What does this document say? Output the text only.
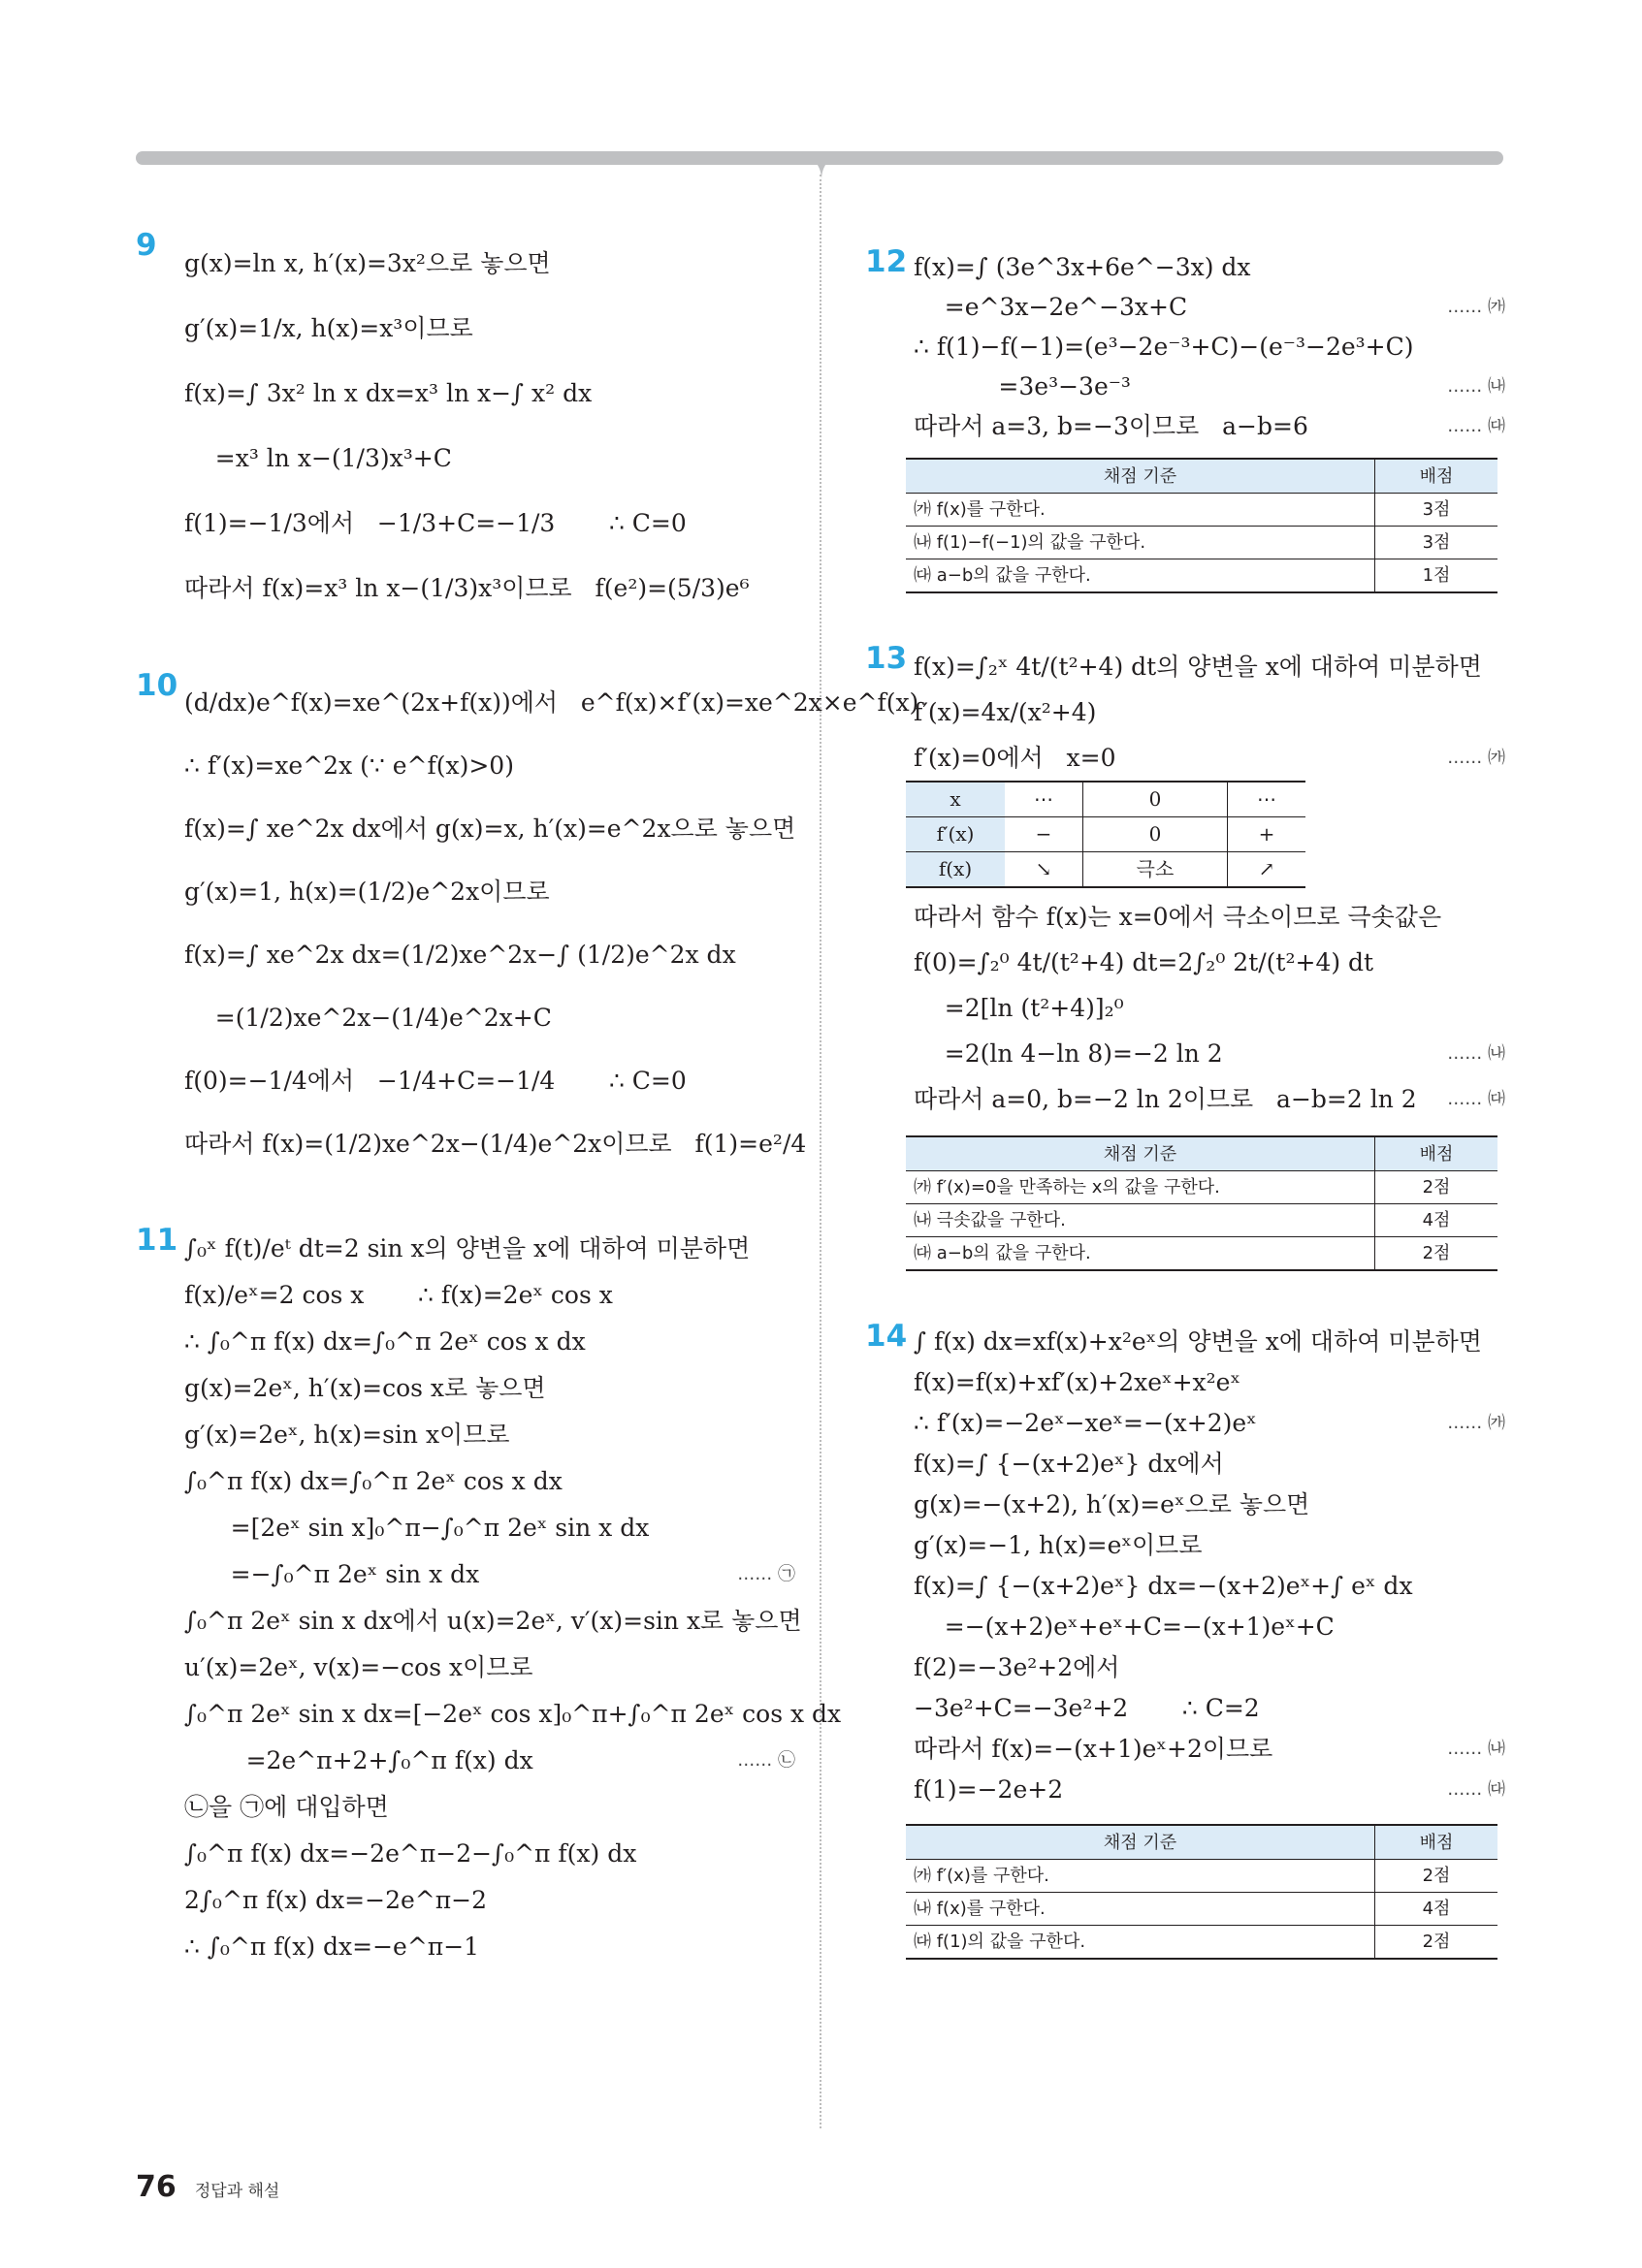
9

g(x)=ln x, h′(x)=3x²으로 놓으면

g′(x)=1/x, h(x)=x³이므로

f(x)=∫ 3x² ln x dx=x³ ln x−∫ x² dx

=x³ ln x−(1/3)x³+C

f(1)=−1/3에서   −1/3+C=−1/3       ∴ C=0

따라서 f(x)=x³ ln x−(1/3)x³이므로   f(e²)=(5/3)e⁶

10 (d/dx)e^f(x)=xe^(2x+f(x))에서   e^f(x)×f′(x)=xe^2x×e^f(x)

∴ f′(x)=xe^2x (∵ e^f(x)>0)

f(x)=∫ xe^2x dx에서 g(x)=x, h′(x)=e^2x으로 놓으면

g′(x)=1, h(x)=(1/2)e^2x이므로

f(x)=∫ xe^2x dx=(1/2)xe^2x−∫ (1/2)e^2x dx

=(1/2)xe^2x−(1/4)e^2x+C

f(0)=−1/4에서   −1/4+C=−1/4       ∴ C=0

따라서 f(x)=(1/2)xe^2x−(1/4)e^2x이므로   f(1)=e²/4

11 ∫₀ˣ f(t)/eᵗ dt=2 sin x의 양변을 x에 대하여 미분하면

f(x)/eˣ=2 cos x       ∴ f(x)=2eˣ cos x

∴ ∫₀^π f(x) dx=∫₀^π 2eˣ cos x dx

g(x)=2eˣ, h′(x)=cos x로 놓으면

g′(x)=2eˣ, h(x)=sin x이므로

∫₀^π f(x) dx=∫₀^π 2eˣ cos x dx

=[2eˣ sin x]₀^π−∫₀^π 2eˣ sin x dx

=−∫₀^π 2eˣ sin x dx	…… ㉠

∫₀^π 2eˣ sin x dx에서 u(x)=2eˣ, v′(x)=sin x로 놓으면

u′(x)=2eˣ, v(x)=−cos x이므로

∫₀^π 2eˣ sin x dx=[−2eˣ cos x]₀^π+∫₀^π 2eˣ cos x dx

=2e^π+2+∫₀^π f(x) dx	…… ㉡

㉡을 ㉠에 대입하면

∫₀^π f(x) dx=−2e^π−2−∫₀^π f(x) dx

2∫₀^π f(x) dx=−2e^π−2

∴ ∫₀^π f(x) dx=−e^π−1

12 f(x)=∫ (3e^3x+6e^−3x) dx

=e^3x−2e^−3x+C	…… ㈎

∴ f(1)−f(−1)=(e³−2e⁻³+C)−(e⁻³−2e³+C)

=3e³−3e⁻³	…… ㈏

따라서 a=3, b=−3이므로   a−b=6	…… ㈐

채점 기준	배점
㈎ f(x)를 구한다.	3점
㈏ f(1)−f(−1)의 값을 구한다.	3점
㈐ a−b의 값을 구한다.	1점
13 f(x)=∫₂ˣ 4t/(t²+4) dt의 양변을 x에 대하여 미분하면

f′(x)=4x/(x²+4)

f′(x)=0에서   x=0	…… ㈎

x	⋯	0	⋯
f′(x)	−	0	+
f(x)	↘	극소	↗

따라서 함수 f(x)는 x=0에서 극소이므로 극솟값은

f(0)=∫₂⁰ 4t/(t²+4) dt=2∫₂⁰ 2t/(t²+4) dt

=2[ln (t²+4)]₂⁰

=2(ln 4−ln 8)=−2 ln 2	…… ㈏

따라서 a=0, b=−2 ln 2이므로   a−b=2 ln 2 …… ㈐

채점 기준	배점
㈎ f′(x)=0을 만족하는 x의 값을 구한다.	2점
㈏ 극솟값을 구한다.	4점
㈐ a−b의 값을 구한다.	2점
14 ∫ f(x) dx=xf(x)+x²eˣ의 양변을 x에 대하여 미분하면

f(x)=f(x)+xf′(x)+2xeˣ+x²eˣ

∴ f′(x)=−2eˣ−xeˣ=−(x+2)eˣ	…… ㈎

f(x)=∫ {−(x+2)eˣ} dx에서

g(x)=−(x+2), h′(x)=eˣ으로 놓으면

g′(x)=−1, h(x)=eˣ이므로

f(x)=∫ {−(x+2)eˣ} dx=−(x+2)eˣ+∫ eˣ dx

=−(x+2)eˣ+eˣ+C=−(x+1)eˣ+C

f(2)=−3e²+2에서

−3e²+C=−3e²+2       ∴ C=2

따라서 f(x)=−(x+1)eˣ+2이므로	…… ㈏

f(1)=−2e+2	…… ㈐

채점 기준	배점
㈎ f′(x)를 구한다.	2점
㈏ f(x)를 구한다.	4점
㈐ f(1)의 값을 구한다.	2점
76 정답과 해설
